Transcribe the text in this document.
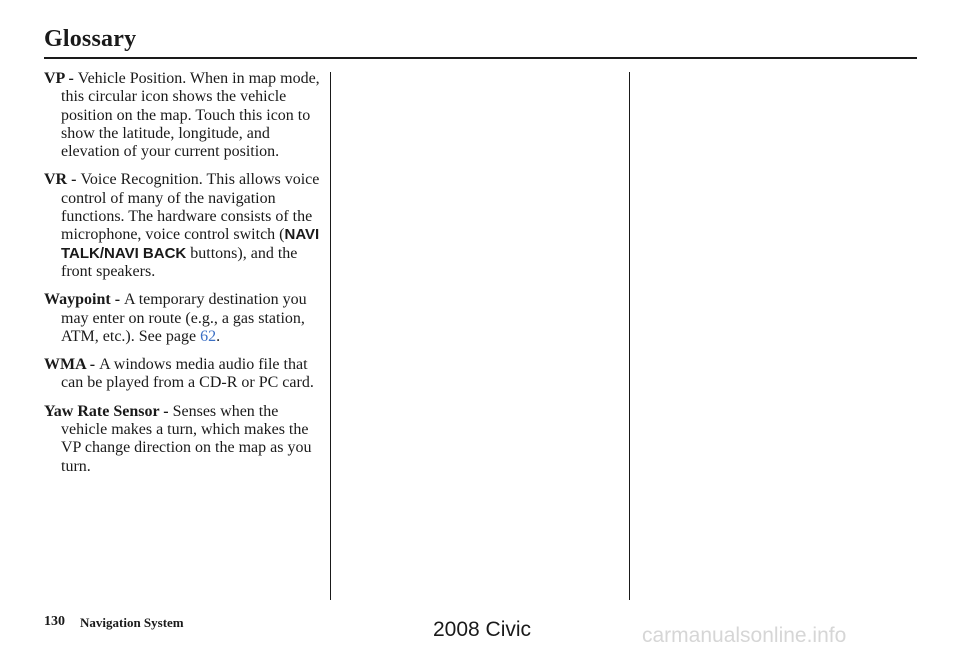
Glossary

VP - Vehicle Position. When in map mode, this circular icon shows the vehicle position on the map. Touch this icon to show the latitude, longitude, and elevation of your current position.

VR - Voice Recognition. This allows voice control of many of the navigation functions. The hardware consists of the microphone, voice control switch (NAVI TALK/NAVI BACK buttons), and the front speakers.

Waypoint - A temporary destination you may enter on route (e.g., a gas station, ATM, etc.). See page 62.

WMA - A windows media audio file that can be played from a CD-R or PC card.

Yaw Rate Sensor - Senses when the vehicle makes a turn, which makes the VP change direction on the map as you turn.

130 Navigation System	2008 Civic	carmanualsonline.info
